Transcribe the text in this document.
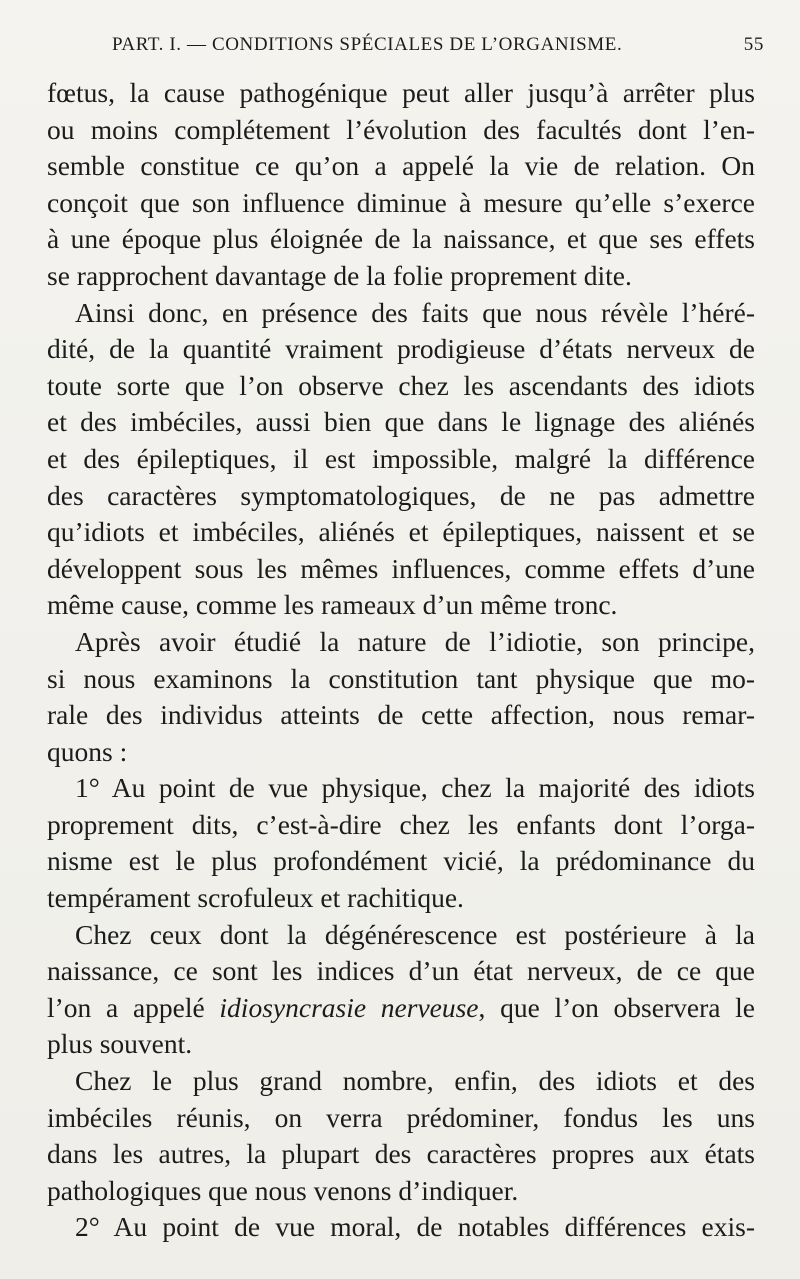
PART. I. — CONDITIONS SPÉCIALES DE L’ORGANISME.	55
fœtus, la cause pathogénique peut aller jusqu’à arrêter plus
ou moins complétement l’évolution des facultés dont l’en-
semble constitue ce qu’on a appelé la vie de relation. On
conçoit que son influence diminue à mesure qu’elle s’exerce
à une époque plus éloignée de la naissance, et que ses effets
se rapprochent davantage de la folie proprement dite.
Ainsi donc, en présence des faits que nous révèle l’héré-
dité, de la quantité vraiment prodigieuse d’états nerveux de
toute sorte que l’on observe chez les ascendants des idiots
et des imbéciles, aussi bien que dans le lignage des aliénés
et des épileptiques, il est impossible, malgré la différence
des caractères symptomatologiques, de ne pas admettre
qu’idiots et imbéciles, aliénés et épileptiques, naissent et se
développent sous les mêmes influences, comme effets d’une
même cause, comme les rameaux d’un même tronc.
Après avoir étudié la nature de l’idiotie, son principe,
si nous examinons la constitution tant physique que mo-
rale des individus atteints de cette affection, nous remar-
quons :
1° Au point de vue physique, chez la majorité des idiots
proprement dits, c’est-à-dire chez les enfants dont l’orga-
nisme est le plus profondément vicié, la prédominance du
tempérament scrofuleux et rachitique.
Chez ceux dont la dégénérescence est postérieure à la
naissance, ce sont les indices d’un état nerveux, de ce que
l’on a appelé idiosyncrasie nerveuse, que l’on observera le
plus souvent.
Chez le plus grand nombre, enfin, des idiots et des
imbéciles réunis, on verra prédominer, fondus les uns
dans les autres, la plupart des caractères propres aux états
pathologiques que nous venons d’indiquer.
2° Au point de vue moral, de notables différences exis-
